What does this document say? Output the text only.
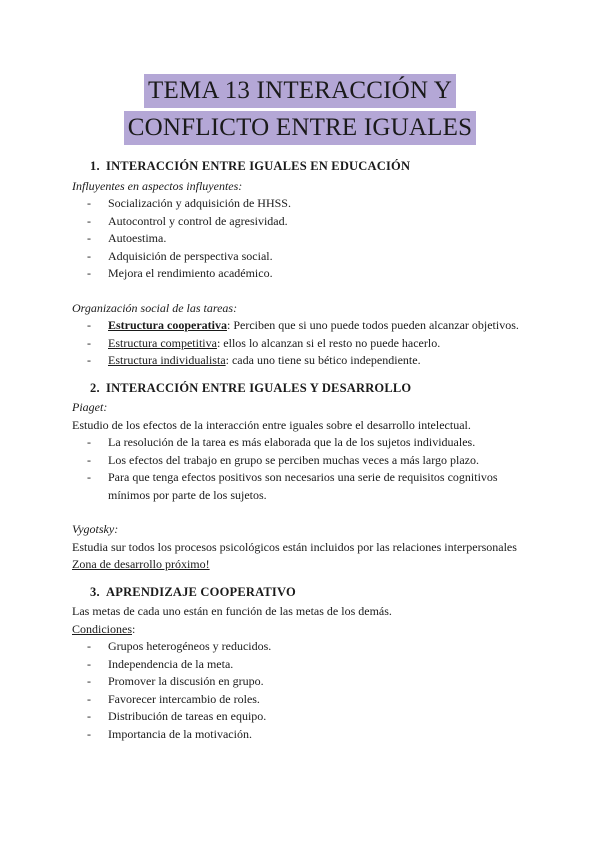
TEMA 13 INTERACCIÓN Y
CONFLICTO ENTRE IGUALES
1. INTERACCIÓN ENTRE IGUALES EN EDUCACIÓN

Influyentes en aspectos influyentes:

- Socialización y adquisición de HHSS.
- Autocontrol y control de agresividad.
- Autoestima.
- Adquisición de perspectiva social.
- Mejora el rendimiento académico.

Organización social de las tareas:

- Estructura cooperativa: Perciben que si uno puede todos pueden alcanzar objetivos.
- Estructura competitiva: ellos lo alcanzan si el resto no puede hacerlo.
- Estructura individualista: cada uno tiene su bético independiente.
2. INTERACCIÓN ENTRE IGUALES Y DESARROLLO

Piaget:

Estudio de los efectos de la interacción entre iguales sobre el desarrollo intelectual.

- La resolución de la tarea es más elaborada que la de los sujetos individuales.
- Los efectos del trabajo en grupo se perciben muchas veces a más largo plazo.
- Para que tenga efectos positivos son necesarios una serie de requisitos cognitivos mínimos por parte de los sujetos.

Vygotsky:

Estudia sur todos los procesos psicológicos están incluidos por las relaciones interpersonales

Zona de desarrollo próximo!

3. APRENDIZAJE COOPERATIVO

Las metas de cada uno están en función de las metas de los demás.

Condiciones:

- Grupos heterogéneos y reducidos.
- Independencia de la meta.
- Promover la discusión en grupo.
- Favorecer intercambio de roles.
- Distribución de tareas en equipo.
- Importancia de la motivación.
